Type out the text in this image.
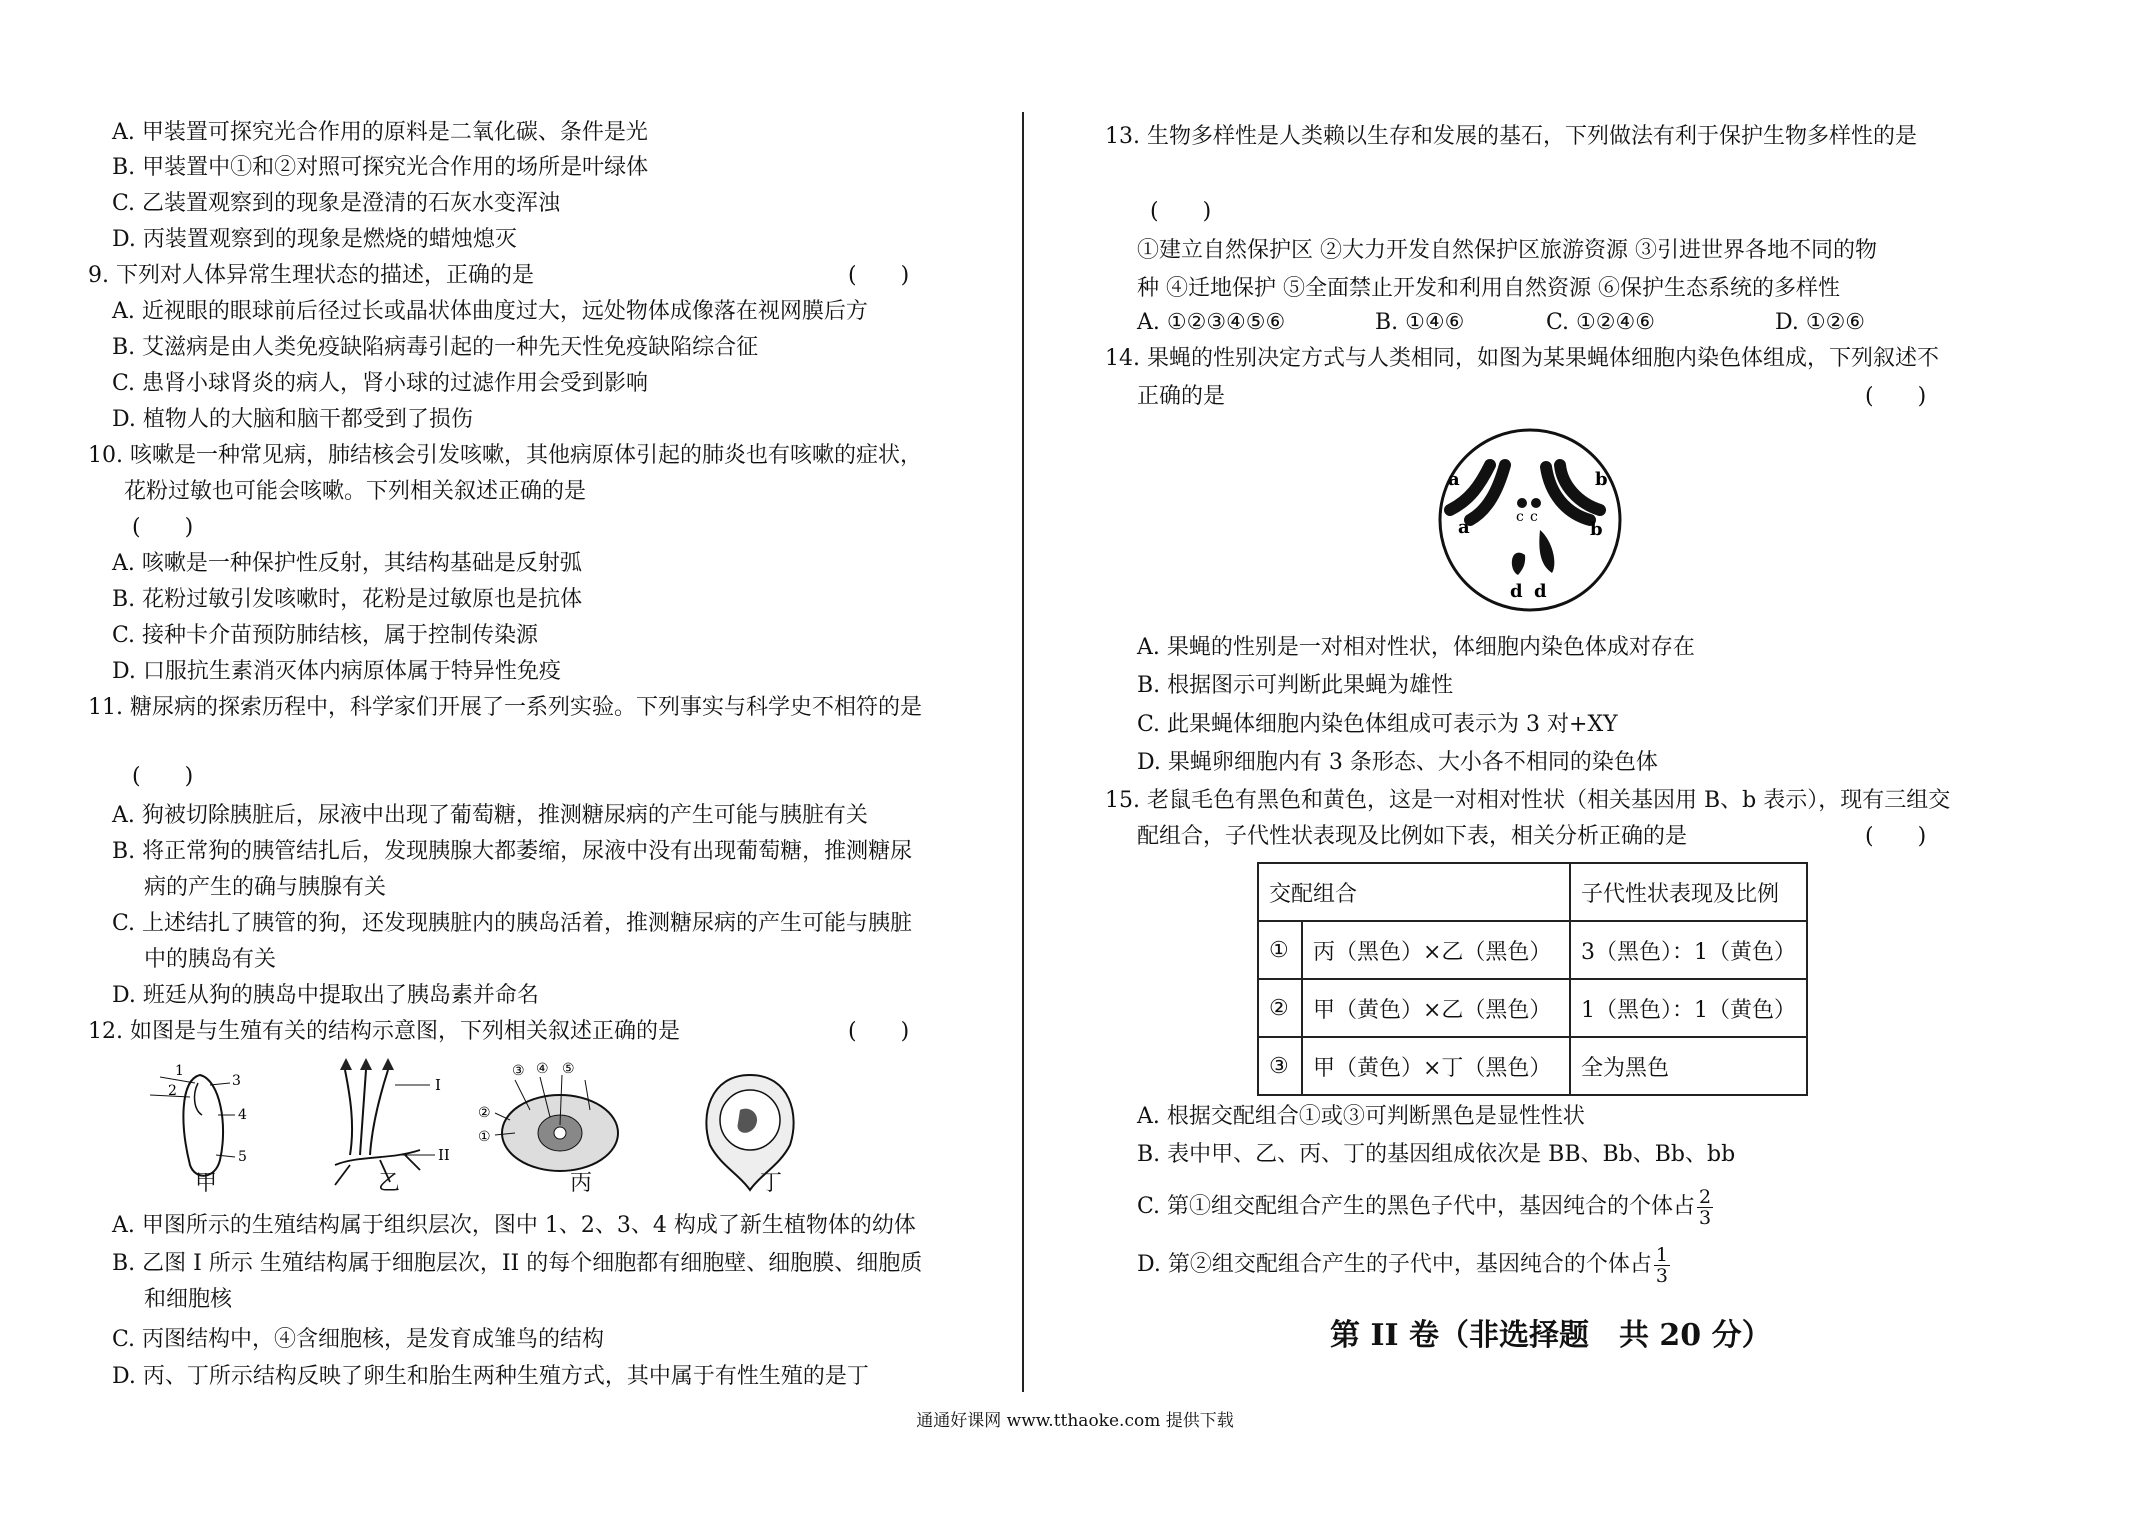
A. 甲装置可探究光合作用的原料是二氧化碳、条件是光
B. 甲装置中①和②对照可探究光合作用的场所是叶绿体
C. 乙装置观察到的现象是澄清的石灰水变浑浊
D. 丙装置观察到的现象是燃烧的蜡烛熄灭
9. 下列对人体异常生理状态的描述，正确的是	(　　)
A. 近视眼的眼球前后径过长或晶状体曲度过大，远处物体成像落在视网膜后方
B. 艾滋病是由人类免疫缺陷病毒引起的一种先天性免疫缺陷综合征
C. 患肾小球肾炎的病人，肾小球的过滤作用会受到影响
D. 植物人的大脑和脑干都受到了损伤
10. 咳嗽是一种常见病，肺结核会引发咳嗽，其他病原体引起的肺炎也有咳嗽的症状，
花粉过敏也可能会咳嗽。下列相关叙述正确的是
(　　)
A. 咳嗽是一种保护性反射，其结构基础是反射弧
B. 花粉过敏引发咳嗽时，花粉是过敏原也是抗体
C. 接种卡介苗预防肺结核，属于控制传染源
D. 口服抗生素消灭体内病原体属于特异性免疫
11. 糖尿病的探索历程中，科学家们开展了一系列实验。下列事实与科学史不相符的是
(　　)
A. 狗被切除胰脏后，尿液中出现了葡萄糖，推测糖尿病的产生可能与胰脏有关
B. 将正常狗的胰管结扎后，发现胰腺大都萎缩，尿液中没有出现葡萄糖，推测糖尿
病的产生的确与胰腺有关
C. 上述结扎了胰管的狗，还发现胰脏内的胰岛活着，推测糖尿病的产生可能与胰脏
中的胰岛有关
D. 班廷从狗的胰岛中提取出了胰岛素并命名
12. 如图是与生殖有关的结构示意图，下列相关叙述正确的是	(　　)
1
2
3
4
5
I
II
③ ④ ⑤
②
①
甲	乙	丙	丁
A. 甲图所示的生殖结构属于组织层次，图中 1、2、3、4 构成了新生植物体的幼体
B. 乙图 I 所示 生殖结构属于细胞层次，II 的每个细胞都有细胞壁、细胞膜、细胞质
和细胞核
C. 丙图结构中，④含细胞核，是发育成雏鸟的结构
D. 丙、丁所示结构反映了卵生和胎生两种生殖方式，其中属于有性生殖的是丁
13. 生物多样性是人类赖以生存和发展的基石，下列做法有利于保护生物多样性的是
(　　)
①建立自然保护区 ②大力开发自然保护区旅游资源 ③引进世界各地不同的物
种 ④迁地保护 ⑤全面禁止开发和利用自然资源 ⑥保护生态系统的多样性
A. ①②③④⑤⑥	B. ①④⑥	C. ①②④⑥	D. ①②⑥
14. 果蝇的性别决定方式与人类相同，如图为某果蝇体细胞内染色体组成，下列叙述不
正确的是	(　　)
a
a
b
b
c c
d d
A. 果蝇的性别是一对相对性状，体细胞内染色体成对存在
B. 根据图示可判断此果蝇为雄性
C. 此果蝇体细胞内染色体组成可表示为 3 对+XY
D. 果蝇卵细胞内有 3 条形态、大小各不相同的染色体
15. 老鼠毛色有黑色和黄色，这是一对相对性状（相关基因用 B、b 表示），现有三组交
配组合，子代性状表现及比例如下表，相关分析正确的是	(　　)
交配组合		子代性状表现及比例
①	丙（黑色）×乙（黑色）	3（黑色）：1（黄色）
②	甲（黄色）×乙（黑色）	1（黑色）：1（黄色）
③	甲（黄色）×丁（黑色）	全为黑色
A. 根据交配组合①或③可判断黑色是显性性状
B. 表中甲、乙、丙、丁的基因组成依次是 BB、Bb、Bb、bb
C. 第①组交配组合产生的黑色子代中，基因纯合的个体占 $\frac{2}{3}$
D. 第②组交配组合产生的子代中，基因纯合的个体占 $\frac{1}{3}$
第 II 卷（非选择题　共 20 分）
通通好课网 www.tthaoke.com 提供下载
